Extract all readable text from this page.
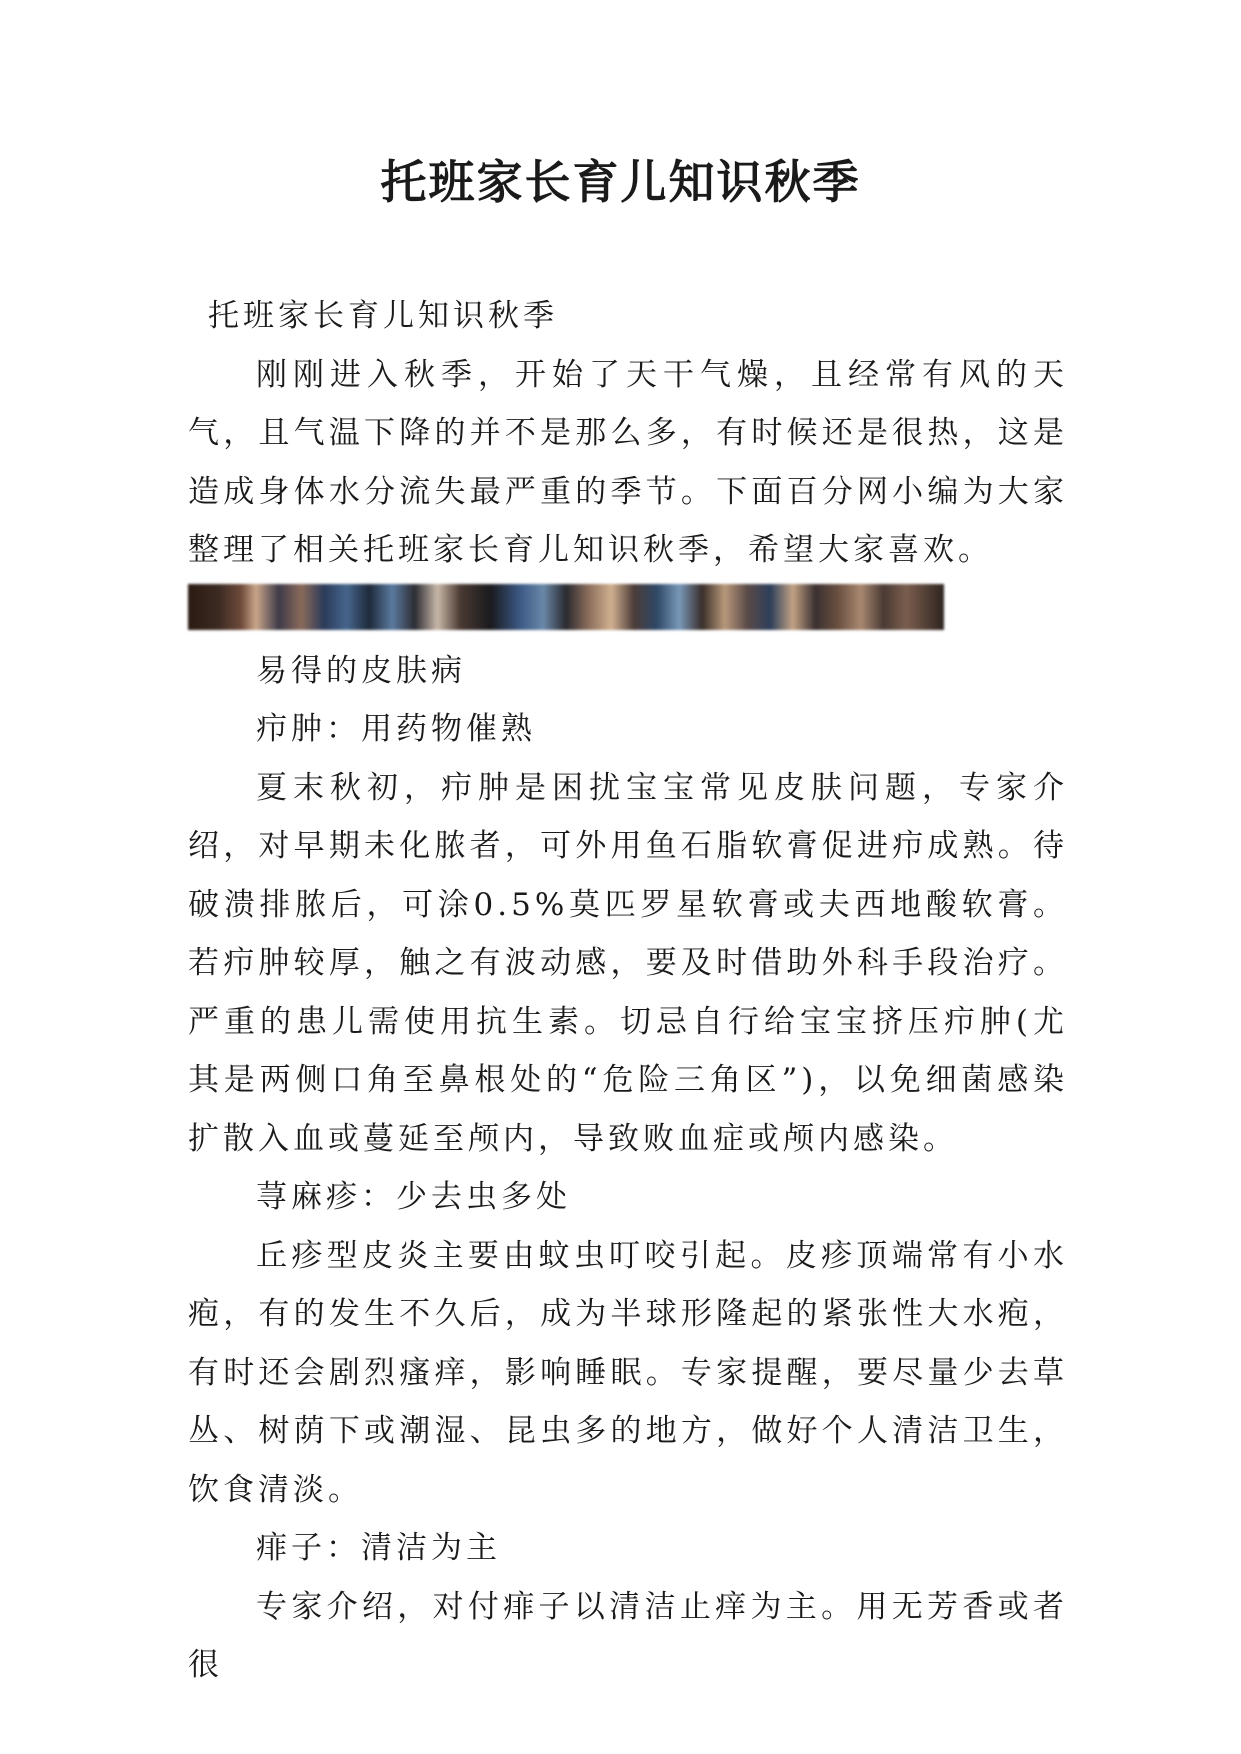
托班家长育儿知识秋季

托班家长育儿知识秋季

刚刚进入秋季，开始了天干气燥，且经常有风的天气，且气温下降的并不是那么多，有时候还是很热，这是造成身体水分流失最严重的季节。下面百分网小编为大家整理了相关托班家长育儿知识秋季，希望大家喜欢。

易得的皮肤病

疖肿：用药物催熟

夏末秋初，疖肿是困扰宝宝常见皮肤问题，专家介绍，对早期未化脓者，可外用鱼石脂软膏促进疖成熟。待破溃排脓后，可涂0.5%莫匹罗星软膏或夫西地酸软膏。若疖肿较厚，触之有波动感，要及时借助外科手段治疗。严重的患儿需使用抗生素。切忌自行给宝宝挤压疖肿(尤其是两侧口角至鼻根处的“危险三角区”)，以免细菌感染扩散入血或蔓延至颅内，导致败血症或颅内感染。

荨麻疹：少去虫多处

丘疹型皮炎主要由蚊虫叮咬引起。皮疹顶端常有小水疱，有的发生不久后，成为半球形隆起的紧张性大水疱，有时还会剧烈瘙痒，影响睡眠。专家提醒，要尽量少去草丛、树荫下或潮湿、昆虫多的地方，做好个人清洁卫生，饮食清淡。

痱子：清洁为主

专家介绍，对付痱子以清洁止痒为主。用无芳香或者很
